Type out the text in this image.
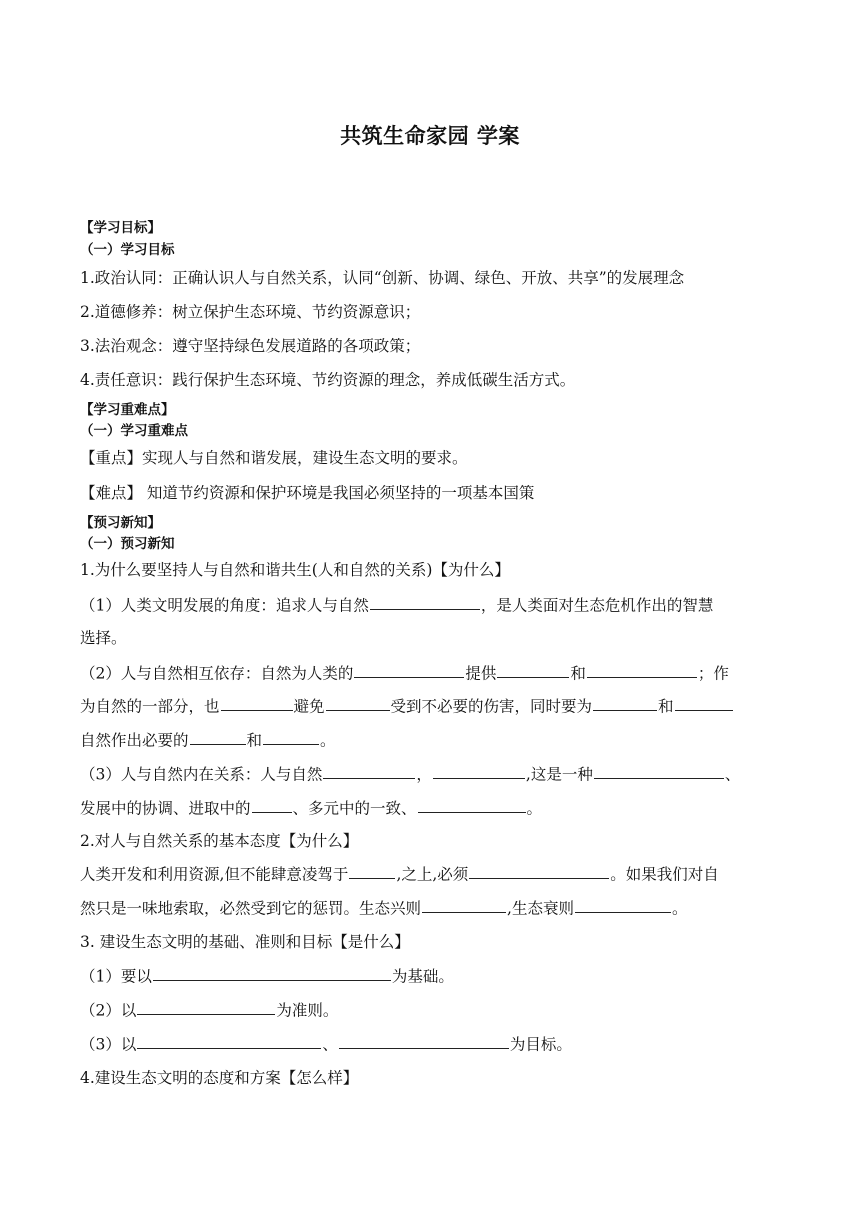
共筑生命家园 学案
【学习目标】
（一）学习目标
1.政治认同：正确认识人与自然关系，认同“创新、协调、绿色、开放、共享”的发展理念
2.道德修养：树立保护生态环境、节约资源意识；
3.法治观念：遵守坚持绿色发展道路的各项政策；
4.责任意识：践行保护生态环境、节约资源的理念，养成低碳生活方式。
【学习重难点】
（一）学习重难点
【重点】实现人与自然和谐发展，建设生态文明的要求。
【难点】 知道节约资源和保护环境是我国必须坚持的一项基本国策
【预习新知】
（一）预习新知
1.为什么要坚持人与自然和谐共生(人和自然的关系)【为什么】
（1）人类文明发展的角度：追求人与自然	，是人类面对生态危机作出的智慧
选择。
（2）人与自然相互依存：自然为人类的	提供	和	；作
为自然的一部分，也	避免	受到不必要的伤害，同时要为	和
自然作出必要的	和	。
（3）人与自然内在关系：人与自然	，	,这是一种	、
发展中的协调、进取中的	、多元中的一致、	。
2.对人与自然关系的基本态度【为什么】
人类开发和利用资源,但不能肆意凌驾于	,之上,必须	。如果我们对自
然只是一味地索取，必然受到它的惩罚。生态兴则	,生态衰则	。
3. 建设生态文明的基础、准则和目标【是什么】
（1）要以	为基础。
（2）以	为准则。
（3）以	、	为目标。
4.建设生态文明的态度和方案【怎么样】
